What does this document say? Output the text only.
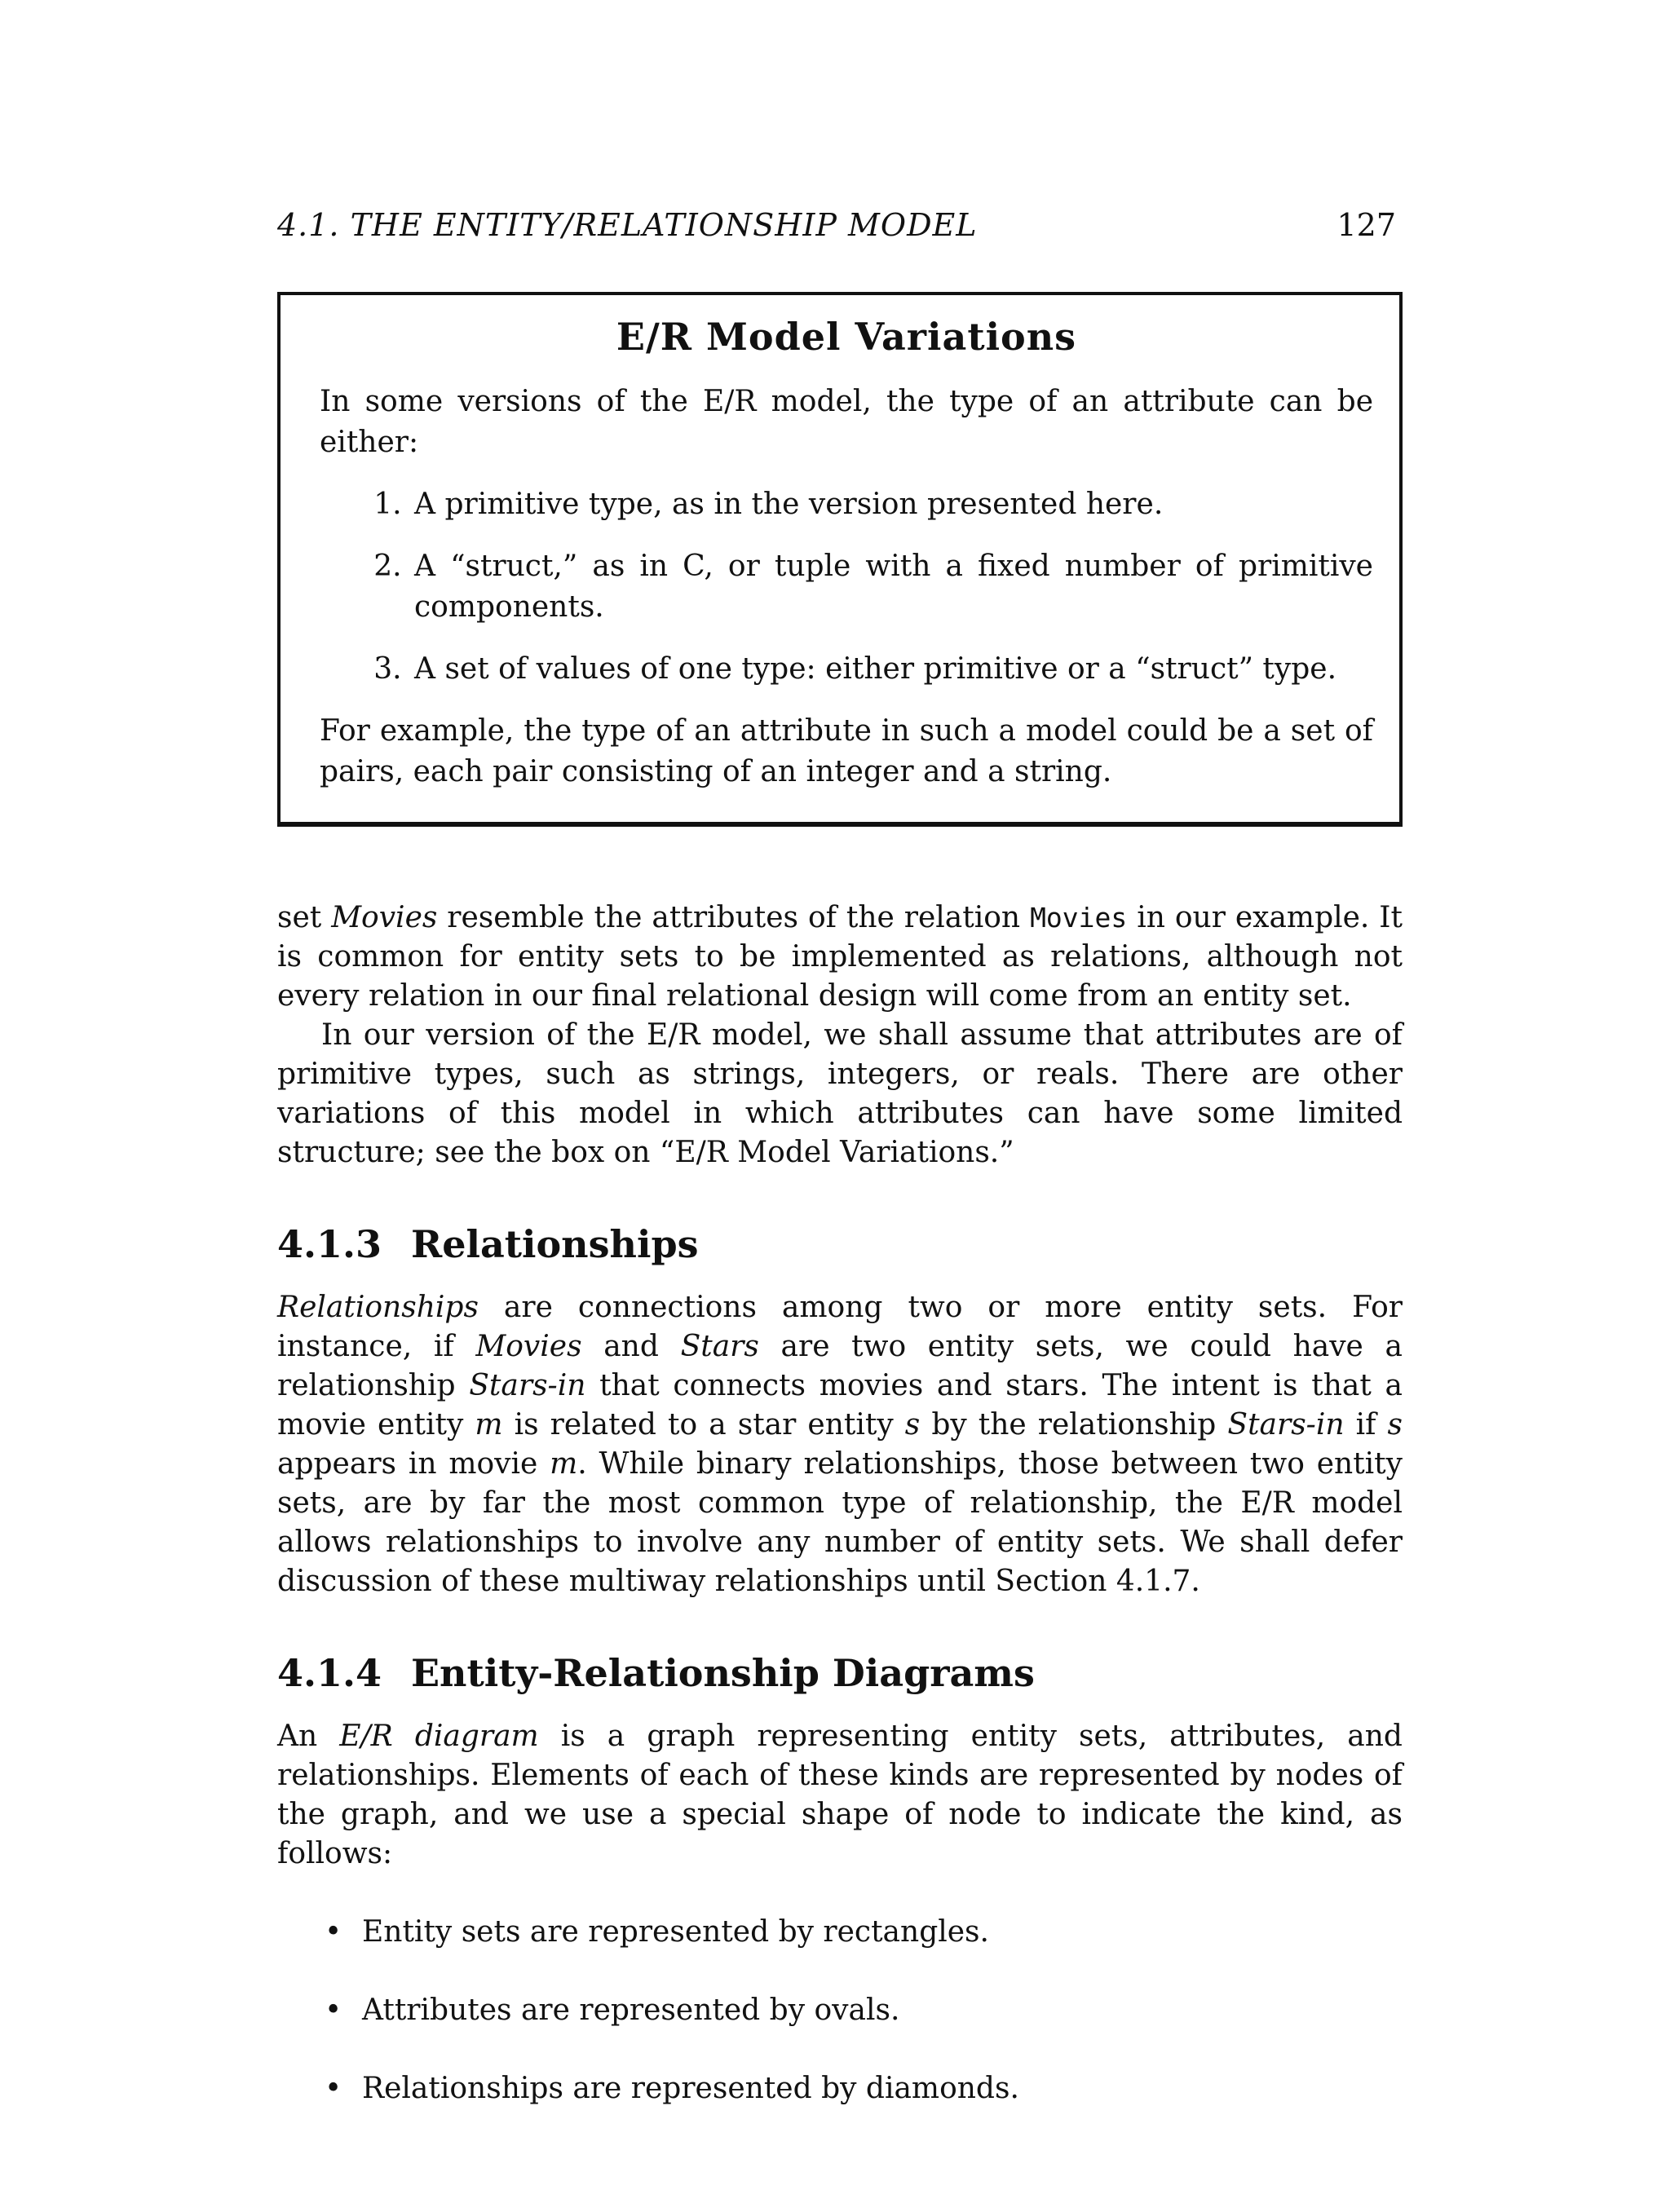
4.1. THE ENTITY/RELATIONSHIP MODEL	127
E/R Model Variations

In some versions of the E/R model, the type of an attribute can be either:

1. A primitive type, as in the version presented here.
2. A “struct,” as in C, or tuple with a fixed number of primitive components.
3. A set of values of one type: either primitive or a “struct” type.

For example, the type of an attribute in such a model could be a set of pairs, each pair consisting of an integer and a string.

set Movies resemble the attributes of the relation Movies in our example. It is common for entity sets to be implemented as relations, although not every relation in our final relational design will come from an entity set.

In our version of the E/R model, we shall assume that attributes are of primitive types, such as strings, integers, or reals. There are other variations of this model in which attributes can have some limited structure; see the box on “E/R Model Variations.”

4.1.3 Relationships

Relationships are connections among two or more entity sets. For instance, if Movies and Stars are two entity sets, we could have a relationship Stars-in that connects movies and stars. The intent is that a movie entity m is related to a star entity s by the relationship Stars-in if s appears in movie m. While binary relationships, those between two entity sets, are by far the most common type of relationship, the E/R model allows relationships to involve any number of entity sets. We shall defer discussion of these multiway relationships until Section 4.1.7.

4.1.4 Entity-Relationship Diagrams

An E/R diagram is a graph representing entity sets, attributes, and relationships. Elements of each of these kinds are represented by nodes of the graph, and we use a special shape of node to indicate the kind, as follows:

• Entity sets are represented by rectangles.
• Attributes are represented by ovals.
• Relationships are represented by diamonds.
